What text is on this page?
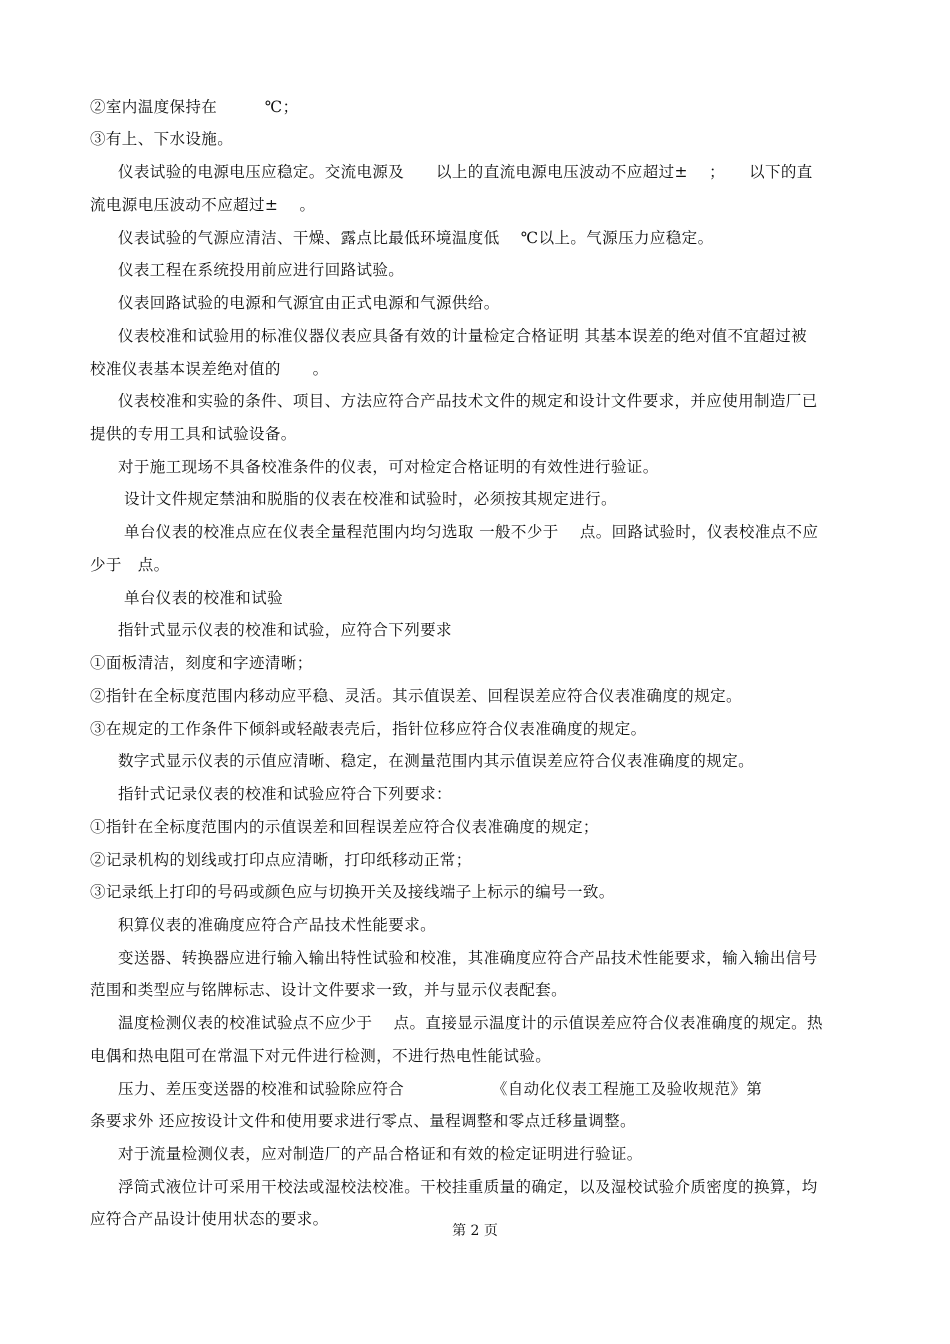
②室内温度保持在　　　℃；
③有上、下水设施。
仪表试验的电源电压应稳定。交流电源及　　以上的直流电源电压波动不应超过±　 ；　　以下的直
流电源电压波动不应超过±　 。
仪表试验的气源应清洁、干燥、露点比最低环境温度低　 ℃以上。气源压力应稳定。
仪表工程在系统投用前应进行回路试验。
仪表回路试验的电源和气源宜由正式电源和气源供给。
仪表校准和试验用的标准仪器仪表应具备有效的计量检定合格证明 其基本误差的绝对值不宜超过被
校准仪表基本误差绝对值的　　。
仪表校准和实验的条件、项目、方法应符合产品技术文件的规定和设计文件要求，并应使用制造厂已
提供的专用工具和试验设备。
对于施工现场不具备校准条件的仪表，可对检定合格证明的有效性进行验证。
设计文件规定禁油和脱脂的仪表在校准和试验时，必须按其规定进行。
单台仪表的校准点应在仪表全量程范围内均匀选取 一般不少于　 点。回路试验时，仪表校准点不应
少于　点。
单台仪表的校准和试验
指针式显示仪表的校准和试验，应符合下列要求
①面板清洁，刻度和字迹清晰；
②指针在全标度范围内移动应平稳、灵活。其示值误差、回程误差应符合仪表准确度的规定。
③在规定的工作条件下倾斜或轻敲表壳后，指针位移应符合仪表准确度的规定。
数字式显示仪表的示值应清晰、稳定，在测量范围内其示值误差应符合仪表准确度的规定。
指针式记录仪表的校准和试验应符合下列要求：
①指针在全标度范围内的示值误差和回程误差应符合仪表准确度的规定；
②记录机构的划线或打印点应清晰，打印纸移动正常；
③记录纸上打印的号码或颜色应与切换开关及接线端子上标示的编号一致。
积算仪表的准确度应符合产品技术性能要求。
变送器、转换器应进行输入输出特性试验和校准，其准确度应符合产品技术性能要求，输入输出信号
范围和类型应与铭牌标志、设计文件要求一致，并与显示仪表配套。
温度检测仪表的校准试验点不应少于　 点。直接显示温度计的示值误差应符合仪表准确度的规定。热
电偶和热电阻可在常温下对元件进行检测，不进行热电性能试验。
压力、差压变送器的校准和试验除应符合　　　　　　《自动化仪表工程施工及验收规范》第
条要求外 还应按设计文件和使用要求进行零点、量程调整和零点迁移量调整。
对于流量检测仪表，应对制造厂的产品合格证和有效的检定证明进行验证。
浮筒式液位计可采用干校法或湿校法校准。干校挂重质量的确定，以及湿校试验介质密度的换算，均
应符合产品设计使用状态的要求。
第 2 页
